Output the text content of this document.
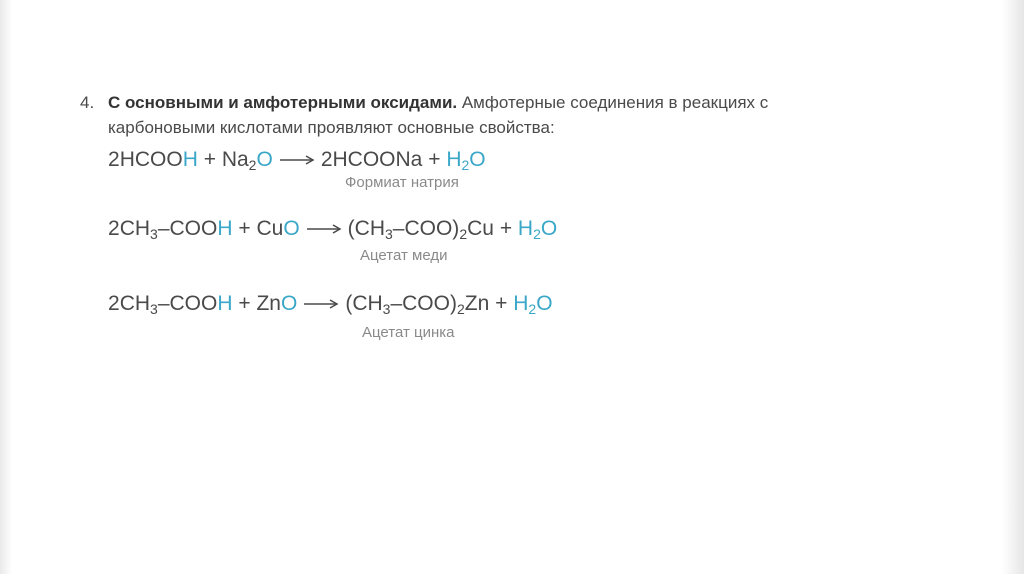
4. С основными и амфотерными оксидами. Амфотерные соединения в реакциях с карбоновыми кислотами проявляют основные свойства:
2HCOOH + $Na_2O$ → 2HCOONa + $H_2O$
Формиат натрия
$2CH_3$–COOH + CuO → $(CH_3-COO)_2Cu + H_2O$
Ацетат меди
$2CH_3$–COOH + ZnO → $(CH_3-COO)_2Zn + H_2O$
Ацетат цинка
